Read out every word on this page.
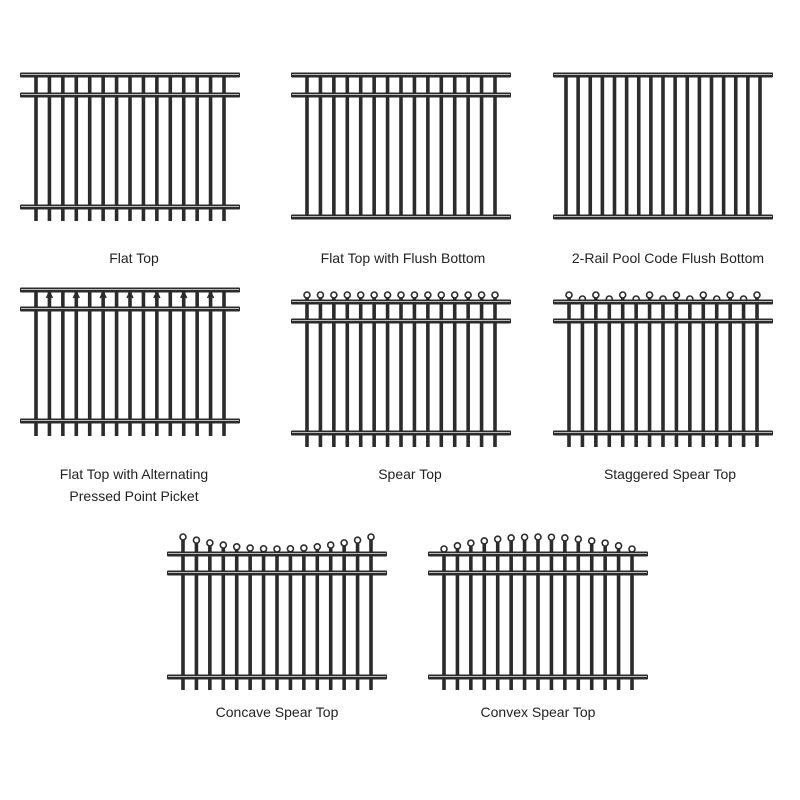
Flat Top	Flat Top with Flush Bottom	2-Rail Pool Code Flush Bottom
Flat Top with Alternating
Pressed Point Picket
Spear Top	Staggered Spear Top
Concave Spear Top	Convex Spear Top
